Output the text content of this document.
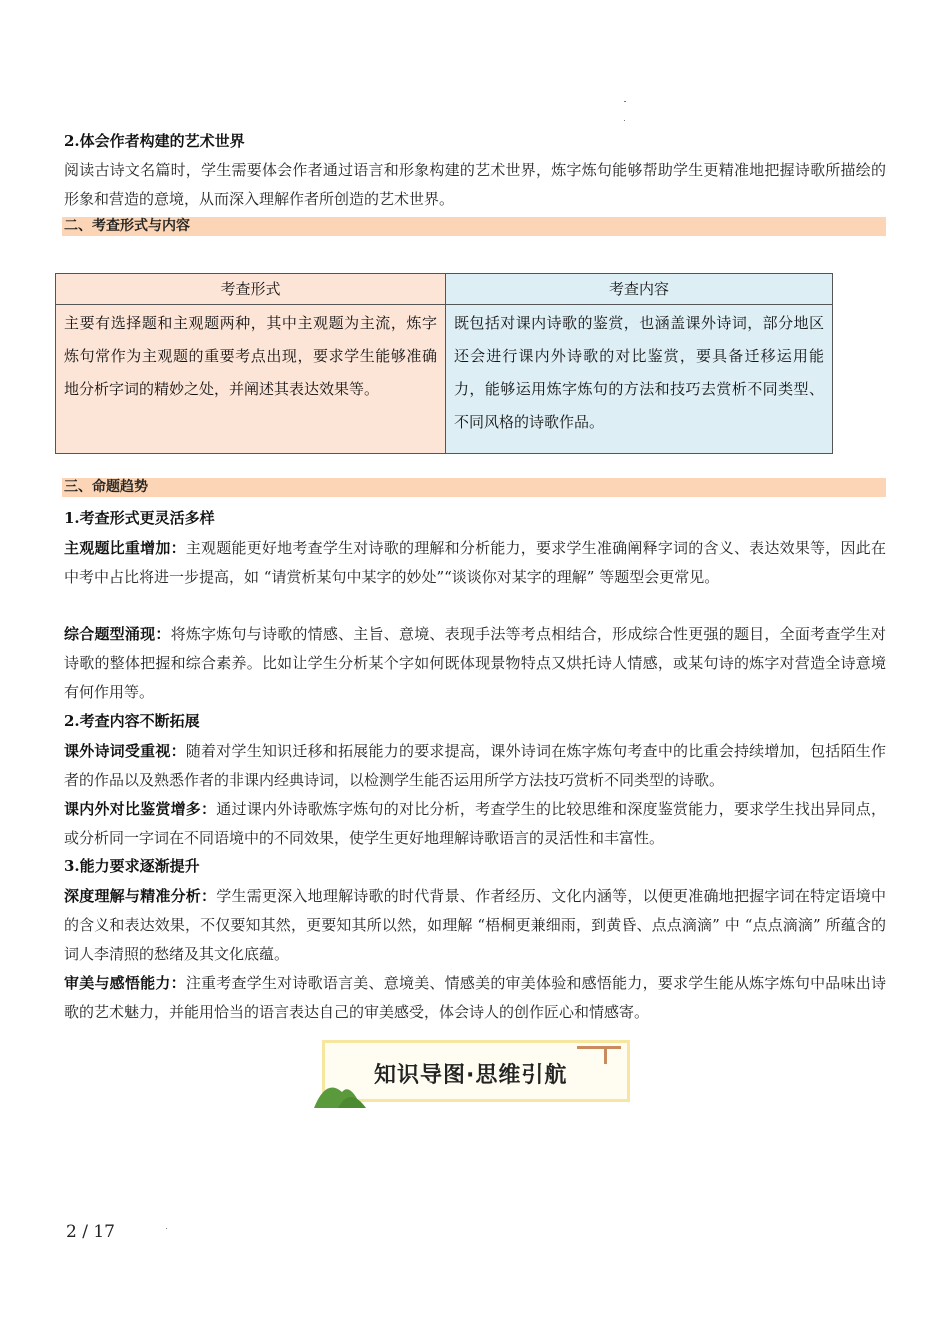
2.体会作者构建的艺术世界
阅读古诗文名篇时，学生需要体会作者通过语言和形象构建的艺术世界，炼字炼句能够帮助学生更精准地把握诗歌所描绘的形象和营造的意境，从而深入理解作者所创造的艺术世界。
二、考查形式与内容
考查形式	考查内容
主要有选择题和主观题两种，其中主观题为主流，炼字炼句常作为主观题的重要考点出现，要求学生能够准确地分析字词的精妙之处，并阐述其表达效果等。	既包括对课内诗歌的鉴赏，也涵盖课外诗词，部分地区还会进行课内外诗歌的对比鉴赏，要具备迁移运用能力，能够运用炼字炼句的方法和技巧去赏析不同类型、不同风格的诗歌作品。
三、命题趋势
1.考查形式更灵活多样
主观题比重增加：主观题能更好地考查学生对诗歌的理解和分析能力，要求学生准确阐释字词的含义、表达效果等，因此在中考中占比将进一步提高，如 “请赏析某句中某字的妙处”“谈谈你对某字的理解” 等题型会更常见。
综合题型涌现：将炼字炼句与诗歌的情感、主旨、意境、表现手法等考点相结合，形成综合性更强的题目，全面考查学生对诗歌的整体把握和综合素养。比如让学生分析某个字如何既体现景物特点又烘托诗人情感，或某句诗的炼字对营造全诗意境有何作用等。
2.考查内容不断拓展
课外诗词受重视：随着对学生知识迁移和拓展能力的要求提高，课外诗词在炼字炼句考查中的比重会持续增加，包括陌生作者的作品以及熟悉作者的非课内经典诗词，以检测学生能否运用所学方法技巧赏析不同类型的诗歌。
课内外对比鉴赏增多：通过课内外诗歌炼字炼句的对比分析，考查学生的比较思维和深度鉴赏能力，要求学生找出异同点，或分析同一字词在不同语境中的不同效果，使学生更好地理解诗歌语言的灵活性和丰富性。
3.能力要求逐渐提升
深度理解与精准分析：学生需更深入地理解诗歌的时代背景、作者经历、文化内涵等，以便更准确地把握字词在特定语境中的含义和表达效果，不仅要知其然，更要知其所以然，如理解 “梧桐更兼细雨，到黄昏、点点滴滴” 中 “点点滴滴” 所蕴含的词人李清照的愁绪及其文化底蕴。
审美与感悟能力：注重考查学生对诗歌语言美、意境美、情感美的审美体验和感悟能力，要求学生能从炼字炼句中品味出诗歌的艺术魅力，并能用恰当的语言表达自己的审美感受，体会诗人的创作匠心和情感寄。
知识导图·思维引航
2 / 17
